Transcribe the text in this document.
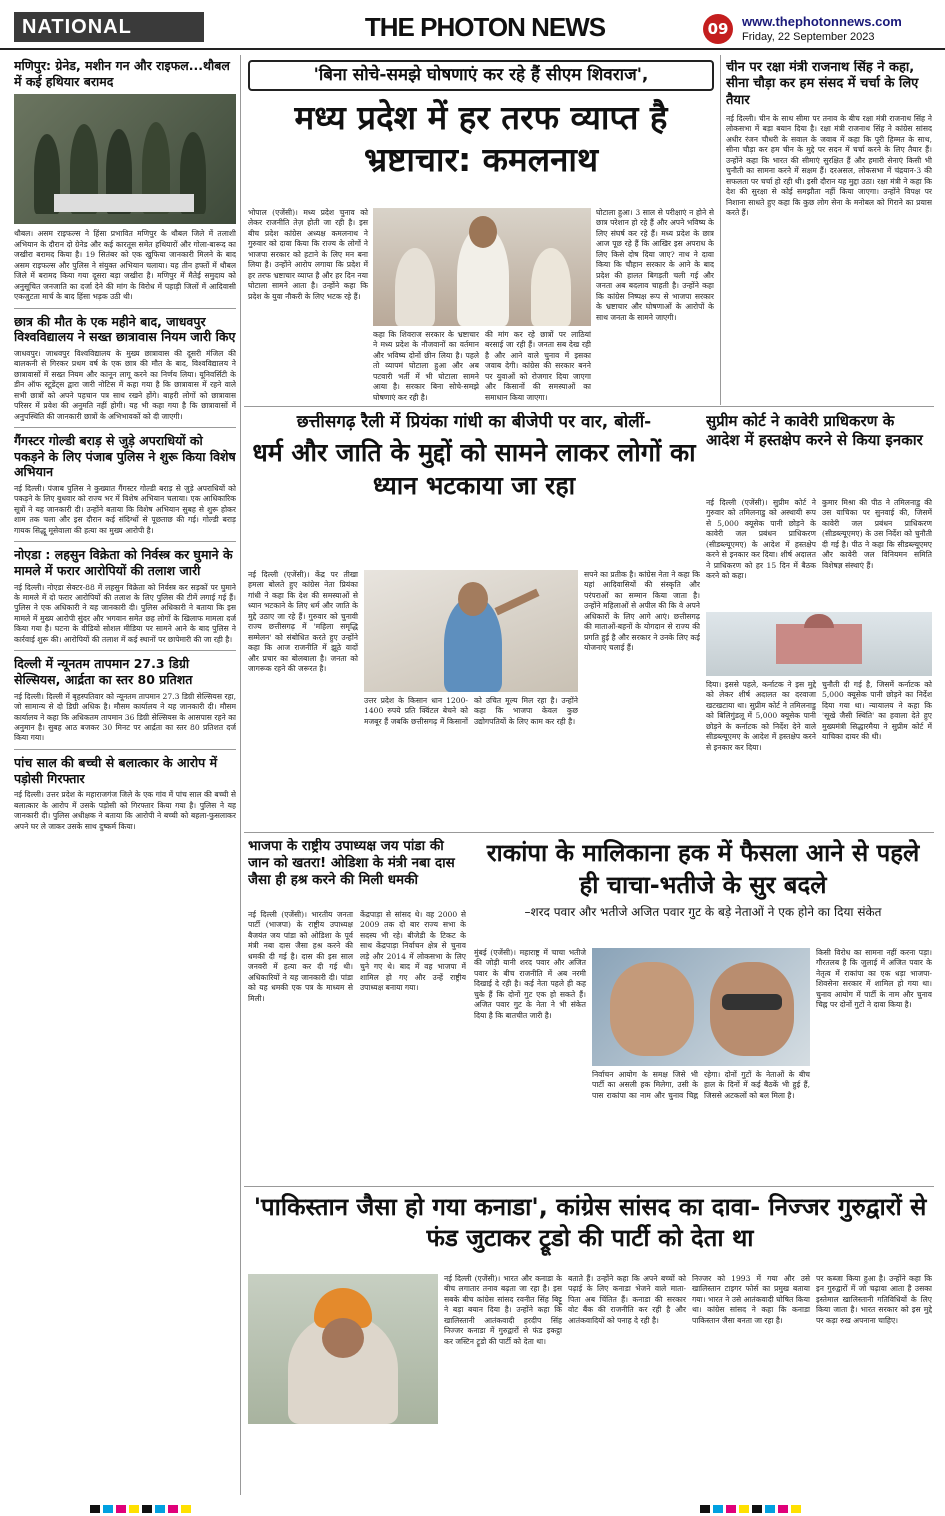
NATIONAL	THE PHOTON NEWS	09	www.thephotonnews.com
Friday, 22 September 2023
मणिपुर: ग्रेनेड, मशीन गन और राइफल...थौबल में कई हथियार बरामद
थौबल। असम राइफल्स ने हिंसा प्रभावित मणिपुर के थौबल जिले में तलाशी अभियान के दौरान दो ग्रेनेड और कई कारतूस समेत हथियारों और गोला-बारूद का जखीरा बरामद किया है। 19 सितंबर को एक खुफिया जानकारी मिलने के बाद असम राइफल्स और पुलिस ने संयुक्त अभियान चलाया। यह तीन हफ्तों में थौबल जिले में बरामद किया गया दूसरा बड़ा जखीरा है। मणिपुर में मैतेई समुदाय को अनुसूचित जनजाति का दर्जा देने की मांग के विरोध में पहाड़ी जिलों में आदिवासी एकजुटता मार्च के बाद हिंसा भड़क उठी थी।
छात्र की मौत के एक महीने बाद, जाधवपुर विश्वविद्यालय ने सख्त छात्रावास नियम जारी किए
जाधवपुर। जाधवपुर विश्वविद्यालय के मुख्य छात्रावास की दूसरी मंजिल की बालकनी से गिरकर प्रथम वर्ष के एक छात्र की मौत के बाद, विश्वविद्यालय ने छात्रावासों में सख्त नियम और कानून लागू करने का निर्णय लिया। यूनिवर्सिटी के डीन ऑफ स्टूडेंट्स द्वारा जारी नोटिस में कहा गया है कि छात्रावास में रहने वाले सभी छात्रों को अपने पहचान पत्र साथ रखने होंगे। बाहरी लोगों को छात्रावास परिसर में प्रवेश की अनुमति नहीं होगी। यह भी कहा गया है कि छात्रावासों में अनुपस्थिति की जानकारी छात्रों के अभिभावकों को दी जाएगी।
गैंगस्टर गोल्डी बराड़ से जुड़े अपराधियों को पकड़ने के लिए पंजाब पुलिस ने शुरू किया विशेष अभियान
नई दिल्ली। पंजाब पुलिस ने कुख्यात गैंगस्टर गोल्डी बराड़ से जुड़े अपराधियों को पकड़ने के लिए बुधवार को राज्य भर में विशेष अभियान चलाया। एक आधिकारिक सूत्रों ने यह जानकारी दी। उन्होंने बताया कि विशेष अभियान सुबह से शुरू होकर शाम तक चला और इस दौरान कई संदिग्धों से पूछताछ की गई। गोल्डी बराड़ गायक सिद्धू मूसेवाला की हत्या का मुख्य आरोपी है।
नोएडा : लहसुन विक्रेता को निर्वस्त्र कर घुमाने के मामले में फरार आरोपियों की तलाश जारी
नई दिल्ली। नोएडा सेक्टर-88 में लहसुन विक्रेता को निर्वस्त्र कर सड़कों पर घुमाने के मामले में दो फरार आरोपियों की तलाश के लिए पुलिस की टीमें लगाई गई हैं। पुलिस ने एक अधिकारी ने यह जानकारी दी। पुलिस अधिकारी ने बताया कि इस मामले में मुख्य आरोपी सुंदर और भगवान समेत छह लोगों के खिलाफ मामला दर्ज किया गया है। घटना के वीडियो सोशल मीडिया पर सामने आने के बाद पुलिस ने कार्रवाई शुरू की। आरोपियों की तलाश में कई स्थानों पर छापेमारी की जा रही है।
दिल्ली में न्यूनतम तापमान 27.3 डिग्री सेल्सियस, आर्द्रता का स्तर 80 प्रतिशत
नई दिल्ली। दिल्ली में बृहस्पतिवार को न्यूनतम तापमान 27.3 डिग्री सेल्सियस रहा, जो सामान्य से दो डिग्री अधिक है। मौसम कार्यालय ने यह जानकारी दी। मौसम कार्यालय ने कहा कि अधिकतम तापमान 36 डिग्री सेल्सियस के आसपास रहने का अनुमान है। सुबह आठ बजकर 30 मिनट पर आर्द्रता का स्तर 80 प्रतिशत दर्ज किया गया।
पांच साल की बच्ची से बलात्कार के आरोप में पड़ोसी गिरफ्तार
नई दिल्ली। उत्तर प्रदेश के महाराजगंज जिले के एक गांव में पांच साल की बच्ची से बलात्कार के आरोप में उसके पड़ोसी को गिरफ्तार किया गया है। पुलिस ने यह जानकारी दी। पुलिस अधीक्षक ने बताया कि आरोपी ने बच्ची को बहला-फुसलाकर अपने घर ले जाकर उसके साथ दुष्कर्म किया।
'बिना सोचे-समझे घोषणाएं कर रहे हैं सीएम शिवराज',
मध्य प्रदेश में हर तरफ व्याप्त है भ्रष्टाचार: कमलनाथ
भोपाल (एजेंसी)। मध्य प्रदेश चुनाव को लेकर राजनीति तेज़ होती जा रही है। इस बीच प्रदेश कांग्रेस अध्यक्ष कमलनाथ ने गुरुवार को दावा किया कि राज्य के लोगों ने भाजपा सरकार को हटाने के लिए मन बना लिया है। उन्होंने आरोप लगाया कि प्रदेश में हर तरफ भ्रष्टाचार व्याप्त है और हर दिन नया घोटाला सामने आता है। उन्होंने कहा कि प्रदेश के युवा नौकरी के लिए भटक रहे हैं।
कहा कि शिवराज सरकार के भ्रष्टाचार ने मध्य प्रदेश के नौजवानों का वर्तमान और भविष्य दोनों छीन लिया है। पहले तो व्यापमं घोटाला हुआ और अब पटवारी भर्ती में भी घोटाला सामने आया है। सरकार बिना सोचे-समझे घोषणाएं कर रही है।
की मांग कर रहे छात्रों पर लाठियां बरसाई जा रही हैं। जनता सब देख रही है और आने वाले चुनाव में इसका जवाब देगी। कांग्रेस की सरकार बनने पर युवाओं को रोजगार दिया जाएगा और किसानों की समस्याओं का समाधान किया जाएगा।
घोटाला हुआ। 3 साल से परीक्षाएं न होने से छात्र परेशान हो रहे हैं और अपने भविष्य के लिए संघर्ष कर रहे हैं। मध्य प्रदेश के छात्र आज पूछ रहे हैं कि आखिर इस अपराध के लिए किसे दोष दिया जाए? नाथ ने दावा किया कि चौहान सरकार के आने के बाद प्रदेश की हालत बिगड़ती चली गई और जनता अब बदलाव चाहती है। उन्होंने कहा कि कांग्रेस निष्पक्ष रूप से भाजपा सरकार के भ्रष्टाचार और घोषणाओं के आरोपों के साथ जनता के सामने जाएगी।
चीन पर रक्षा मंत्री राजनाथ सिंह ने कहा, सीना चौड़ा कर हम संसद में चर्चा के लिए तैयार
नई दिल्ली। चीन के साथ सीमा पर तनाव के बीच रक्षा मंत्री राजनाथ सिंह ने लोकसभा में बड़ा बयान दिया है। रक्षा मंत्री राजनाथ सिंह ने कांग्रेस सांसद अधीर रंजन चौधरी के सवाल के जवाब में कहा कि पूरी हिम्मत के साथ, सीना चौड़ा कर हम चीन के मुद्दे पर सदन में चर्चा करने के लिए तैयार हैं। उन्होंने कहा कि भारत की सीमाएं सुरक्षित हैं और हमारी सेनाएं किसी भी चुनौती का सामना करने में सक्षम हैं। दरअसल, लोकसभा में चंद्रयान-3 की सफलता पर चर्चा हो रही थी। इसी दौरान यह मुद्दा उठा। रक्षा मंत्री ने कहा कि देश की सुरक्षा से कोई समझौता नहीं किया जाएगा। उन्होंने विपक्ष पर निशाना साधते हुए कहा कि कुछ लोग सेना के मनोबल को गिराने का प्रयास करते हैं।
छत्तीसगढ़ रैली में प्रियंका गांधी का बीजेपी पर वार, बोलीं-
धर्म और जाति के मुद्दों को सामने लाकर लोगों का ध्यान भटकाया जा रहा
नई दिल्ली (एजेंसी)। केंद्र पर तीखा हमला बोलते हुए कांग्रेस नेता प्रियंका गांधी ने कहा कि देश की समस्याओं से ध्यान भटकाने के लिए धर्म और जाति के मुद्दे उठाए जा रहे हैं। गुरुवार को चुनावी राज्य छत्तीसगढ़ में 'महिला समृद्धि सम्मेलन' को संबोधित करते हुए उन्होंने कहा कि आज राजनीति में झूठे वादों और प्रचार का बोलबाला है। जनता को जागरूक रहने की जरूरत है।
उत्तर प्रदेश के किसान धान 1200-1400 रुपये प्रति क्विंटल बेचने को मजबूर हैं जबकि छत्तीसगढ़ में किसानों को उचित मूल्य मिल रहा है। उन्होंने कहा कि भाजपा केवल कुछ उद्योगपतियों के लिए काम कर रही है।
सपने का प्रतीक है। कांग्रेस नेता ने कहा कि यहां आदिवासियों की संस्कृति और परंपराओं का सम्मान किया जाता है। उन्होंने महिलाओं से अपील की कि वे अपने अधिकारों के लिए आगे आएं। छत्तीसगढ़ की माताओं-बहनों के योगदान से राज्य की प्रगति हुई है और सरकार ने उनके लिए कई योजनाएं चलाई हैं।
सुप्रीम कोर्ट ने कावेरी प्राधिकरण के आदेश में हस्तक्षेप करने से किया इनकार
नई दिल्ली (एजेंसी)। सुप्रीम कोर्ट ने गुरुवार को तमिलनाडु को अस्थायी रूप से 5,000 क्यूसेक पानी छोड़ने के कावेरी जल प्रबंधन प्राधिकरण (सीडब्ल्यूएमए) के आदेश में हस्तक्षेप करने से इनकार कर दिया। शीर्ष अदालत ने प्राधिकरण को हर 15 दिन में बैठक करने को कहा।
कुमार मिश्रा की पीठ ने तमिलनाडु की उस याचिका पर सुनवाई की, जिसमें कावेरी जल प्रबंधन प्राधिकरण (सीडब्ल्यूएमए) के उस निर्देश को चुनौती दी गई है। पीठ ने कहा कि सीडब्ल्यूएमए और कावेरी जल विनियमन समिति विशेषज्ञ संस्थाएं हैं।
दिया। इससे पहले, कर्नाटक ने इस मुद्दे को लेकर शीर्ष अदालत का दरवाजा खटखटाया था। सुप्रीम कोर्ट ने तमिलनाडु को बिलिगुंडलू में 5,000 क्यूसेक पानी छोड़ने के कर्नाटक को निर्देश देने वाले सीडब्ल्यूएमए के आदेश में हस्तक्षेप करने से इनकार कर दिया।
चुनौती दी गई है, जिसमें कर्नाटक को 5,000 क्यूसेक पानी छोड़ने का निर्देश दिया गया था। न्यायालय ने कहा कि 'सूखे जैसी स्थिति' का हवाला देते हुए मुख्यमंत्री सिद्धारमैया ने सुप्रीम कोर्ट में याचिका दायर की थी।
भाजपा के राष्ट्रीय उपाध्यक्ष जय पांडा की जान को खतरा! ओडिशा के मंत्री नबा दास जैसा ही हश्र करने की मिली धमकी
नई दिल्ली (एजेंसी)। भारतीय जनता पार्टी (भाजपा) के राष्ट्रीय उपाध्यक्ष बैजयंत जय पांडा को ओडिशा के पूर्व मंत्री नबा दास जैसा हश्र करने की धमकी दी गई है। दास की इस साल जनवरी में हत्या कर दी गई थी। अधिकारियों ने यह जानकारी दी। पांडा को यह धमकी एक पत्र के माध्यम से मिली।
केंद्रपाड़ा से सांसद थे। वह 2000 से 2009 तक दो बार राज्य सभा के सदस्य भी रहे। बीजेडी के टिकट के साथ केंद्रपाड़ा निर्वाचन क्षेत्र से चुनाव लड़े और 2014 में लोकसभा के लिए चुने गए थे। बाद में वह भाजपा में शामिल हो गए और उन्हें राष्ट्रीय उपाध्यक्ष बनाया गया।
राकांपा के मालिकाना हक में फैसला आने से पहले ही चाचा-भतीजे के सुर बदले
–शरद पवार और भतीजे अजित पवार गुट के बड़े नेताओं ने एक होने का दिया संकेत
मुंबई (एजेंसी)। महाराष्ट्र में चाचा भतीजे की जोड़ी यानी शरद पवार और अजित पवार के बीच राजनीति में अब नरमी दिखाई दे रही है। कई नेता पहले ही कह चुके हैं कि दोनों गुट एक हो सकते हैं। अजित पवार गुट के नेता ने भी संकेत दिया है कि बातचीत जारी है।
निर्वाचन आयोग के समक्ष जिसे भी पार्टी का असली हक मिलेगा, उसी के पास राकांपा का नाम और चुनाव चिह्न रहेगा। दोनों गुटों के नेताओं के बीच हाल के दिनों में कई बैठकें भी हुई हैं, जिससे अटकलों को बल मिला है।
किसी विरोध का सामना नहीं करना पड़ा। गौरतलब है कि जुलाई में अजित पवार के नेतृत्व में राकांपा का एक धड़ा भाजपा-शिवसेना सरकार में शामिल हो गया था। चुनाव आयोग में पार्टी के नाम और चुनाव चिह्न पर दोनों गुटों ने दावा किया है।
'पाकिस्तान जैसा हो गया कनाडा', कांग्रेस सांसद का दावा- निज्जर गुरुद्वारों से फंड जुटाकर ट्रूडो की पार्टी को देता था
नई दिल्ली (एजेंसी)। भारत और कनाडा के बीच लगातार तनाव बढ़ता जा रहा है। इस सबके बीच कांग्रेस सांसद रवनीत सिंह बिट्टू ने बड़ा बयान दिया है। उन्होंने कहा कि खालिस्तानी आतंकवादी हरदीप सिंह निज्जर कनाडा में गुरुद्वारों से फंड इकट्ठा कर जस्टिन ट्रूडो की पार्टी को देता था।
बताते हैं। उन्होंने कहा कि अपने बच्चों को पढ़ाई के लिए कनाडा भेजने वाले माता-पिता अब चिंतित हैं। कनाडा की सरकार वोट बैंक की राजनीति कर रही है और आतंकवादियों को पनाह दे रही है।
निज्जर को 1993 में गया और उसे खालिस्तान टाइगर फोर्स का प्रमुख बताया गया। भारत ने उसे आतंकवादी घोषित किया था। कांग्रेस सांसद ने कहा कि कनाडा पाकिस्तान जैसा बनता जा रहा है।
पर कब्जा किया हुआ है। उन्होंने कहा कि इन गुरुद्वारों में जो चढ़ावा आता है उसका इस्तेमाल खालिस्तानी गतिविधियों के लिए किया जाता है। भारत सरकार को इस मुद्दे पर कड़ा रुख अपनाना चाहिए।
